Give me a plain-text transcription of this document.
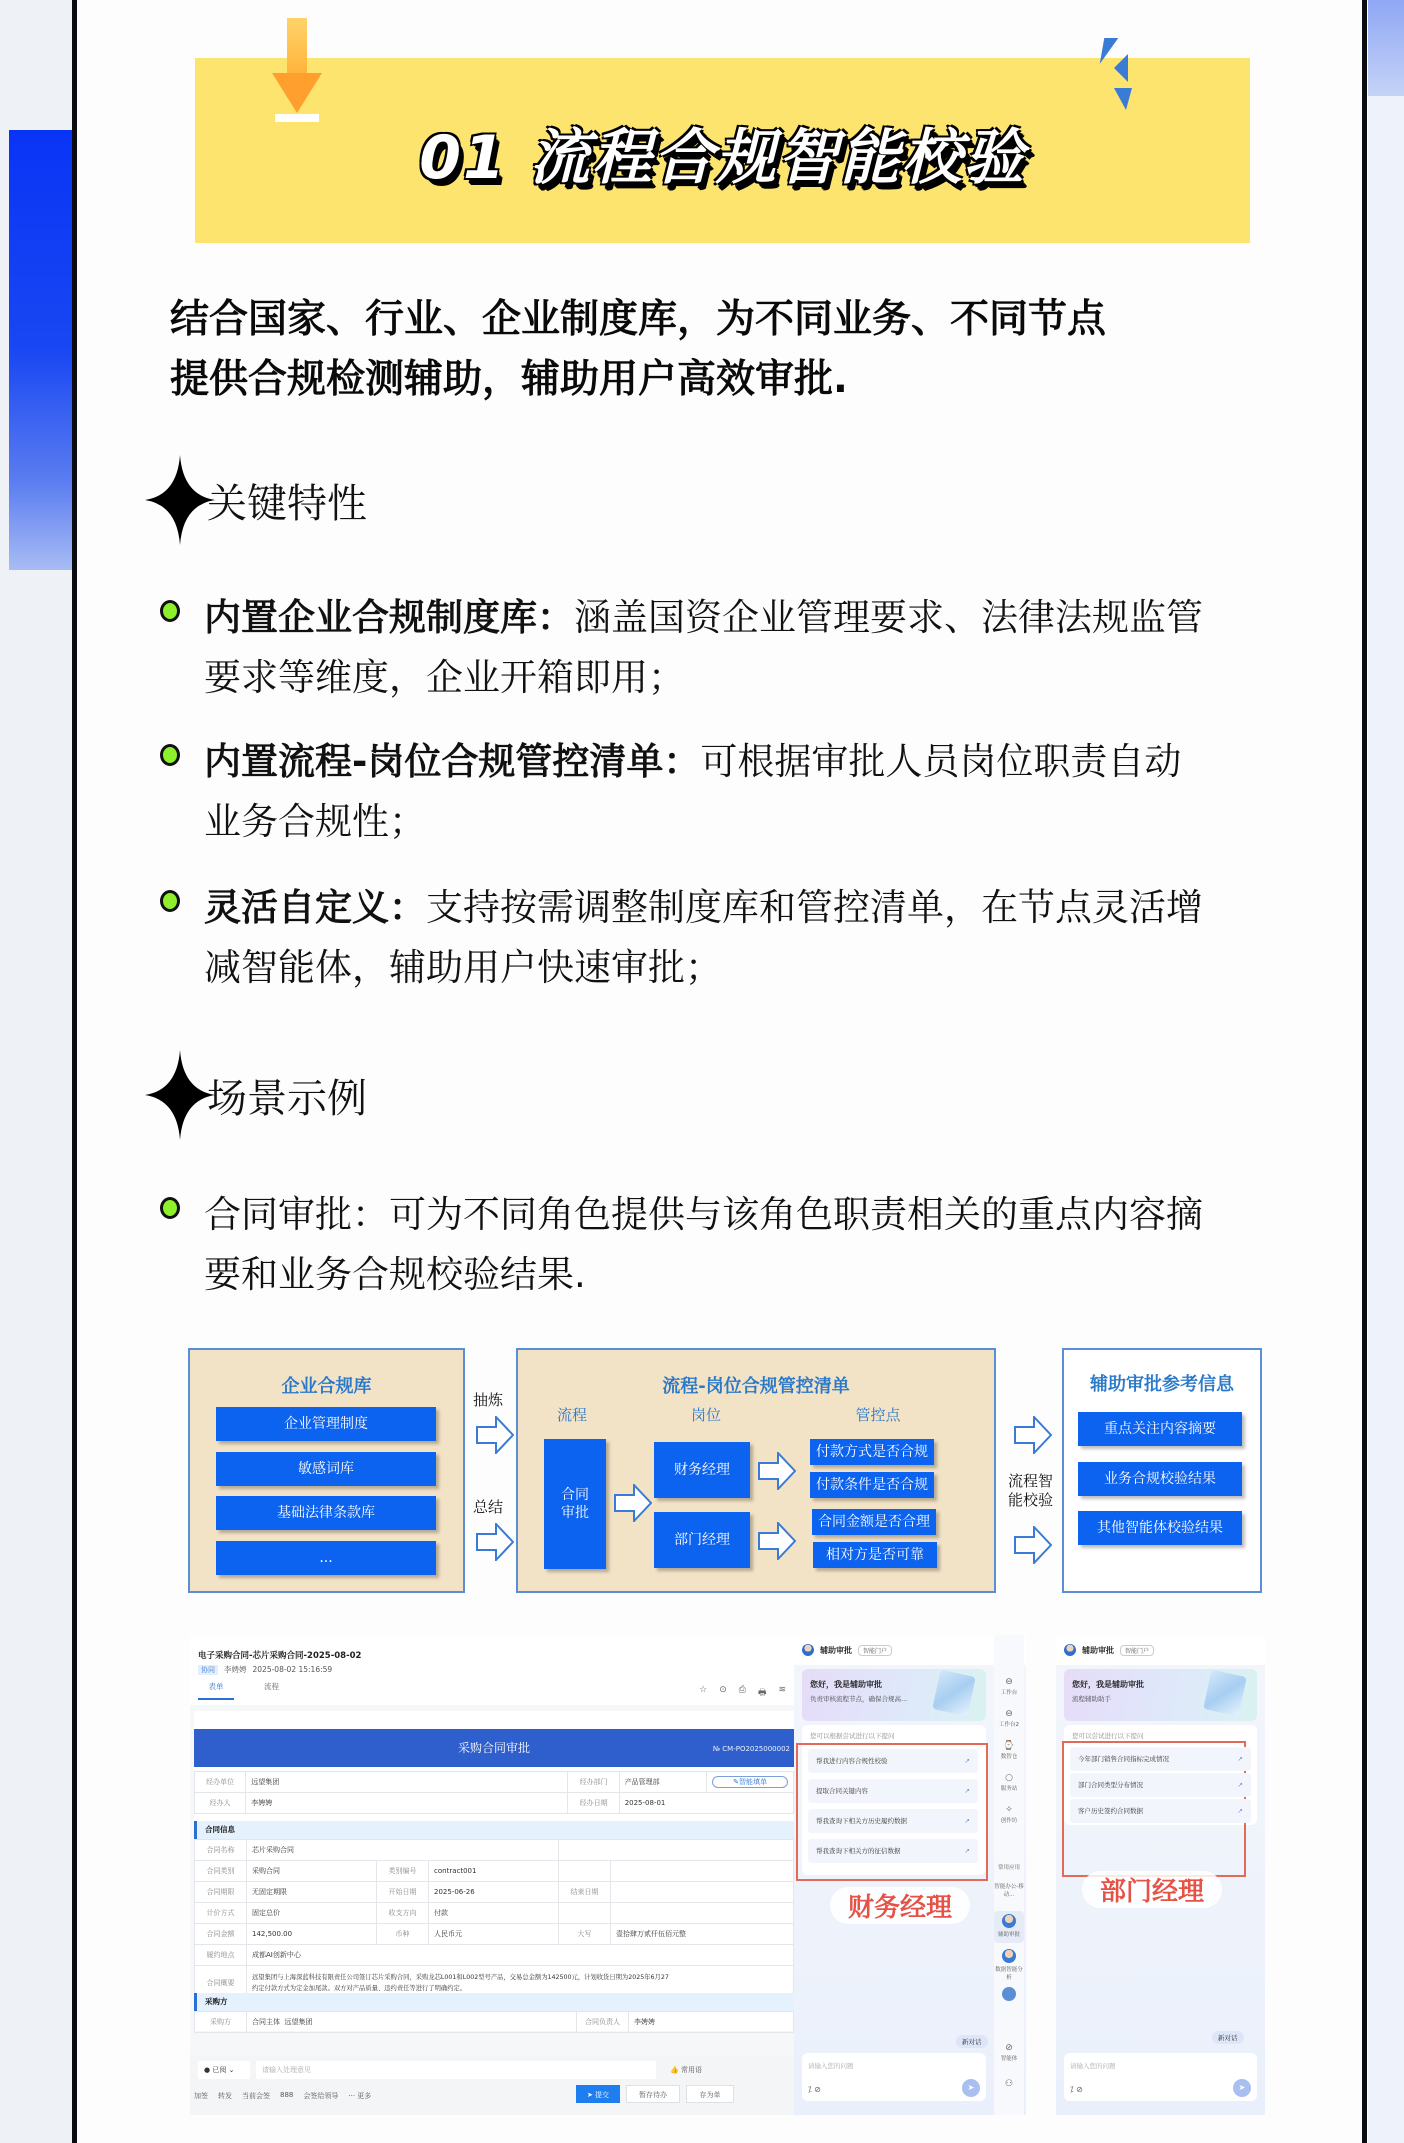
01 流程合规智能校验
结合国家、行业、企业制度库，为不同业务、不同节点
提供合规检测辅助，辅助用户高效审批.
关键特性
内置企业合规制度库：涵盖国资企业管理要求、法律法规监管
要求等维度，企业开箱即用；
内置流程-岗位合规管控清单：可根据审批人员岗位职责自动
业务合规性；
灵活自定义：支持按需调整制度库和管控清单，在节点灵活增
减智能体，辅助用户快速审批；
场景示例
合同审批：可为不同角色提供与该角色职责相关的重点内容摘
要和业务合规校验结果.
企业合规库
企业管理制度
敏感词库
基础法律条款库
...
抽炼
总结
流程-岗位合规管控清单
流程	岗位	管控点
合同
审批
财务经理
部门经理
付款方式是否合规
付款条件是否合规
合同金额是否合理
相对方是否可靠
流程智
能校验
辅助审批参考信息
重点关注内容摘要
业务合规校验结果
其他智能体校验结果
电子采购合同-芯片采购合同-2025-08-02
协同	李娉娉 2025-08-02 15:16:59
表单	流程	☆ ⊙ ⎙ 🖶 ≋
采购合同审批	№ CM-PO2025000002
经办单位	远望集团	经办部门	产品管理部	✎智能填单
经办人	李娉娉	经办日期	2025-08-01	
合同信息
合同名称	芯片采购合同				
合同类别	采购合同	类别编号	contract001		
合同期限	无固定期限	开始日期	2025-06-26	结束日期	
计价方式	固定总价	收支方向	付款		
合同金额	142,500.00	币种	人民币元	大写	壹拾肆万贰仟伍佰元整
履约地点	成都AI创新中心				
合同概要	远望集团与上海深蓝科技有限责任公司签订芯片采购合同，采购龙芯L001和L002型号产品，交易总金额为142500元，计划收货日期为2025年6月27
约定付款方式为定金加尾款。双方对产品质量、违约责任等进行了明确约定。				
采购方
采购方	合同主体 远望集团	合同负责人	李娉娉
● 已阅 ⌄	请输入处理意见	👍 常用语
加签 转发 当前会签 888 会签给领导 ··· 更多	➤ 提交	暂存待办	存为单
辅助审批	智能门户
您好，我是辅助审批
负责审核流程节点，确保合规高...
您可以根据尝试进行以下提问
帮我进行内容合规性校验	↗
提取合同关键内容	↗
帮我查询下相关方历史履约数据	↗
帮我查询下相关方的征信数据	↗
财务经理
新对话
请输入您的问题
⁒ ⊘	➤
⊖
工作台
⊖
工作台2
⌚
数智仓
○
服务站
✧
创作坊
常用应用
智能办公-移动...
辅助审批
数据智能分析
⊘
智能体
⚇
辅助审批	智能门户
您好，我是辅助审批
流程辅助助手
您可以尝试进行以下提问
今年部门销售合同指标完成情况	↗
部门合同类型分布情况	↗
客户历史签约合同数据	↗
部门经理
新对话
请输入您的问题
⁒ ⊘	➤
